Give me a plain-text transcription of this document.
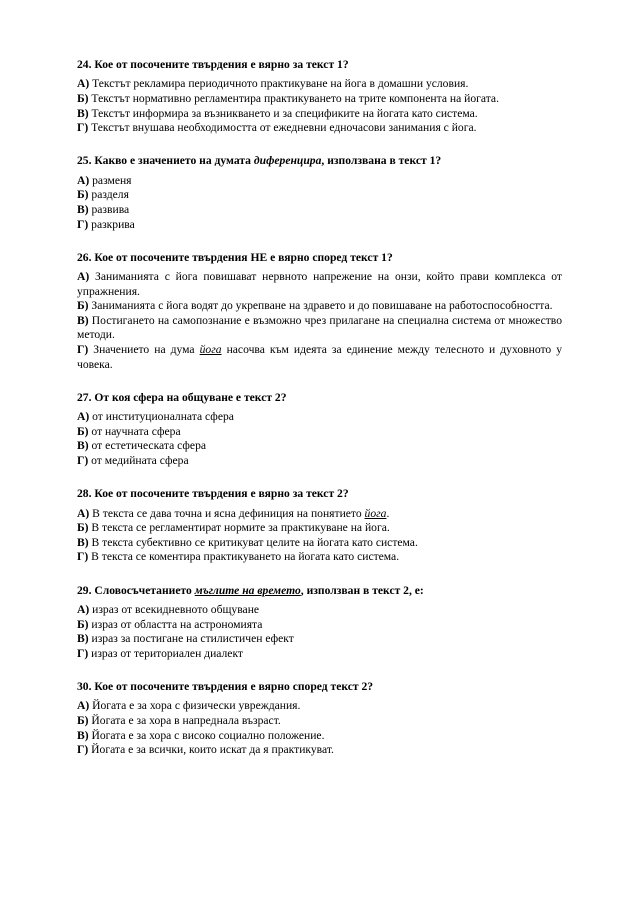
24. Кое от посочените твърдения е вярно за текст 1?

А) Текстът рекламира периодичното практикуване на йога в домашни условия.

Б) Текстът нормативно регламентира практикуването на трите компонента на йогата.

В) Текстът информира за възникването и за спецификите на йогата като система.

Г) Текстът внушава необходимостта от ежедневни едночасови занимания с йога.

25. Какво е значението на думата диференцира, използвана в текст 1?

А) разменя

Б) разделя

В) развива

Г) разкрива

26. Кое от посочените твърдения НЕ е вярно според текст 1?

А) Заниманията с йога повишават нервното напрежение на онзи, който прави комплекса от упражнения.

Б) Заниманията с йога водят до укрепване на здравето и до повишаване на работоспособността.

В) Постигането на самопознание е възможно чрез прилагане на специална система от множество методи.

Г) Значението на дума йога насочва към идеята за единение между телесното и духовното у човека.

27. От коя сфера на общуване е текст 2?

А) от институционалната сфера

Б) от научната сфера

В) от естетическата сфера

Г) от медийната сфера

28. Кое от посочените твърдения е вярно за текст 2?

А) В текста се дава точна и ясна дефиниция на понятието йога.

Б) В текста се регламентират нормите за практикуване на йога.

В) В текста субективно се критикуват целите на йогата като система.

Г) В текста се коментира практикуването на йогата като система.

29. Словосъчетанието мъглите на времето, използван в текст 2, е:

А) израз от всекидневното общуване

Б) израз от областта на астрономията

В) израз за постигане на стилистичен ефект

Г) израз от териториален диалект

30. Кое от посочените твърдения е вярно според текст 2?

А) Йогата е за хора с физически увреждания.

Б) Йогата е за хора в напреднала възраст.

В) Йогата е за хора с високо социално положение.

Г) Йогата е за всички, които искат да я практикуват.
